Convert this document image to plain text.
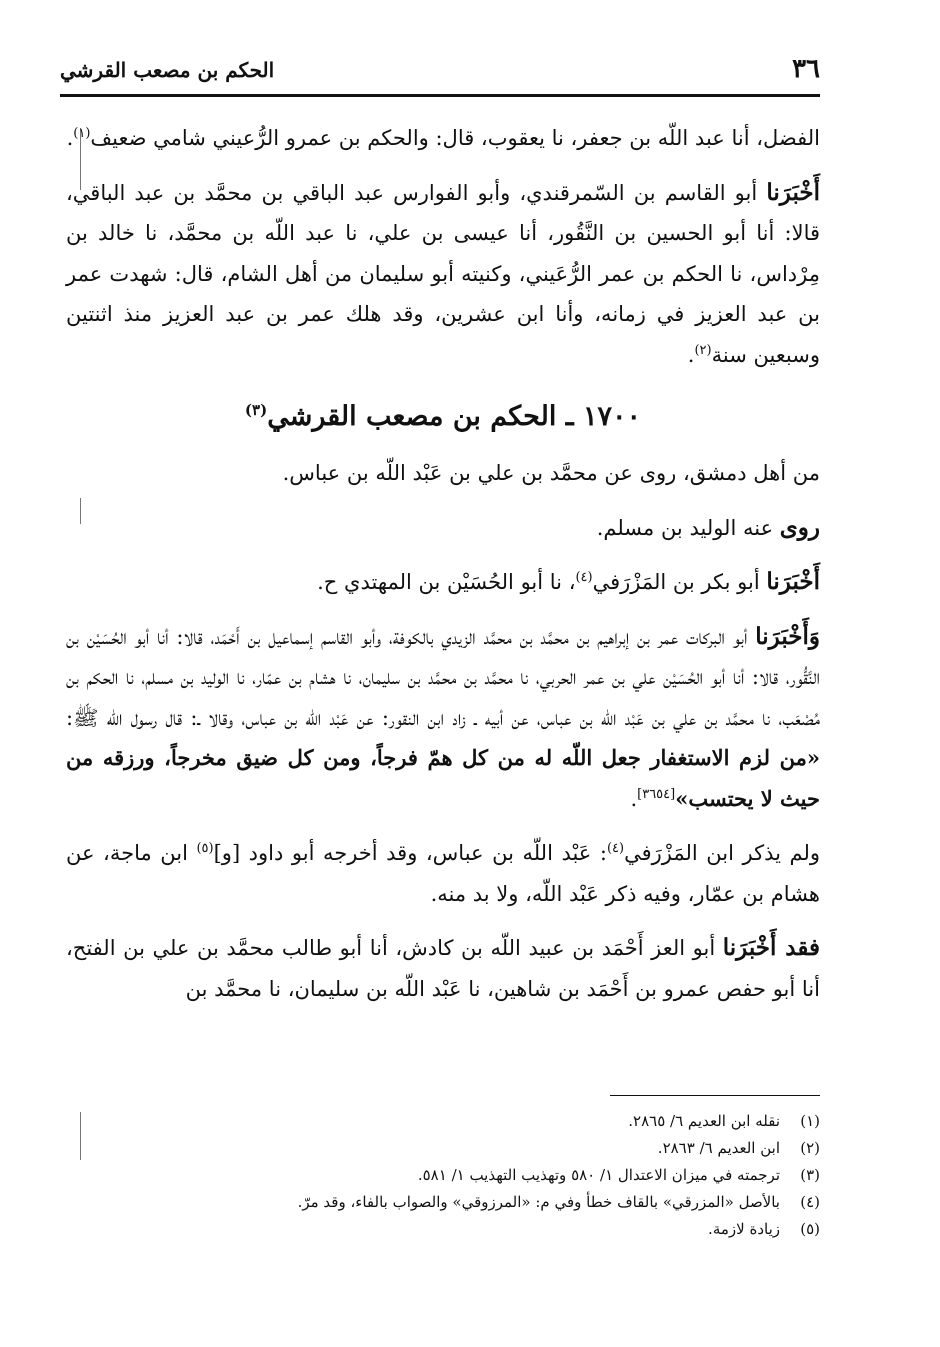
٣٦
الحكم بن مصعب القرشي

الفضل، أنا عبد اللّه بن جعفر، نا يعقوب، قال: والحكم بن عمرو الرُّعيني شامي ضعيف$^{(١)}$.

أَخْبَرَنا أبو القاسم بن السّمرقندي، وأبو الفوارس عبد الباقي بن محمَّد بن عبد الباقي، قالا: أنا أبو الحسين بن النَّقُور، أنا عيسى بن علي، نا عبد اللّه بن محمَّد، نا خالد بن مِرْداس، نا الحكم بن عمر الرُّعَيني، وكنيته أبو سليمان من أهل الشام، قال: شهدت عمر بن عبد العزيز في زمانه، وأنا ابن عشرين، وقد هلك عمر بن عبد العزيز منذ اثنتين وسبعين سنة$^{(٢)}$.

١٧٠٠ ـ الحكم بن مصعب القرشي$^{(٣)}$

من أهل دمشق، روى عن محمَّد بن علي بن عَبْد اللّه بن عباس.

روى عنه الوليد بن مسلم.

أَخْبَرَنا أبو بكر بن المَزْرَفي$^{(٤)}$، نا أبو الحُسَيْن بن المهتدي ح.

وَأَخْبَرَنا أبو البركات عمر بن إبراهيم بن محمَّد بن محمَّد الزيدي بالكوفة، وأبو القاسم إسماعيل بن أَحْمَد، قالا: أنا أبو الحُسَيْن بن النَّقُّور، قالا: أنا أبو الحُسَيْن علي بن عمر الحربي، نا محمَّد بن محمَّد بن سليمان، نا هشام بن عمّار، نا الوليد بن مسلم، نا الحكم بن مُصْعَب، نا محمَّد بن علي بن عَبْد اللّه بن عباس، عن أبيه ـ زاد ابن النقور: عن عَبْد اللّه بن عباس، وقالا ـ: قال رسول اللّه ﷺ: «من لزم الاستغفار جعل اللّه له من كل همّ فرجاً، ومن كل ضيق مخرجاً، ورزقه من حيث لا يحتسب»[٣٦٥٤].

ولم يذكر ابن المَزْرَفي$^{(٤)}$: عَبْد اللّه بن عباس، وقد أخرجه أبو داود [و]$^{(٥)}$ ابن ماجة، عن هشام بن عمّار، وفيه ذكر عَبْد اللّه، ولا بد منه.

فقد أَخْبَرَنا أبو العز أَحْمَد بن عبيد اللّه بن كادش، أنا أبو طالب محمَّد بن علي بن الفتح، أنا أبو حفص عمرو بن أَحْمَد بن شاهين، نا عَبْد اللّه بن سليمان، نا محمَّد بن

(١)
نقله ابن العديم ٦/ ٢٨٦٥.
(٢)
ابن العديم ٦/ ٢٨٦٣.
(٣)
ترجمته في ميزان الاعتدال ١/ ٥٨٠ وتهذيب التهذيب ١/ ٥٨١.
(٤)
بالأصل «المزرقي» بالقاف خطأ وفي م: «المرزوقي» والصواب بالفاء، وقد مرّ.
(٥)
زيادة لازمة.
